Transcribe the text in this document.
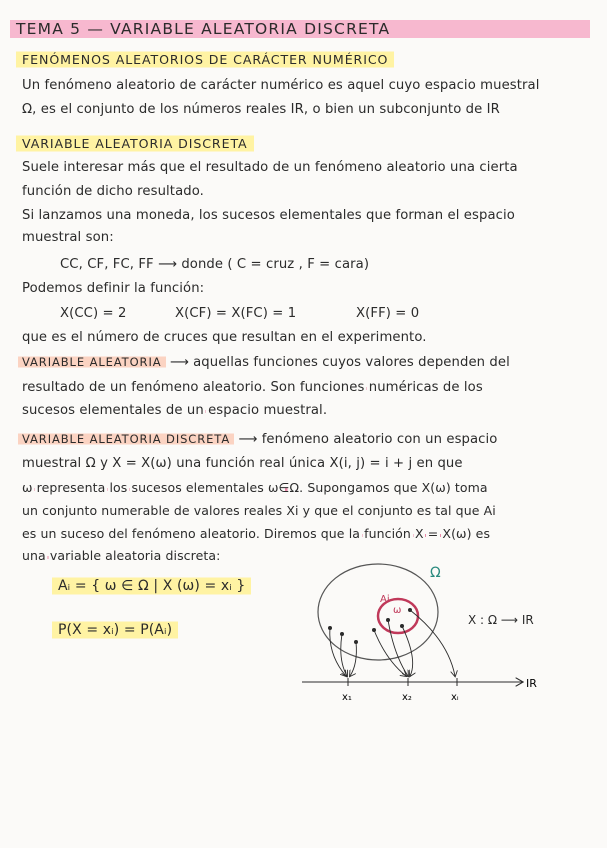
TEMA 5 — VARIABLE ALEATORIA DISCRETA
FENÓMENOS ALEATORIOS DE CARÁCTER NUMÉRICO
Un fenómeno aleatorio de carácter numérico es aquel cuyo espacio muestral
Ω, es el conjunto de los números reales IR, o bien un subconjunto de IR
VARIABLE ALEATORIA DISCRETA
Suele interesar más que el resultado de un fenómeno aleatorio una cierta
función de dicho resultado.
Si lanzamos una moneda, los sucesos elementales que forman el espacio
muestral son:
CC, CF, FC, FF ⟶ donde ( C = cruz , F = cara)
Podemos definir la función:
X(CC) = 2	X(CF) = X(FC) = 1	X(FF) = 0
que es el número de cruces que resultan en el experimento.
VARIABLE ALEATORIA ⟶ aquellas funciones cuyos valores dependen del
resultado de un fenómeno aleatorio. Son funciones numéricas de los
sucesos elementales de un espacio muestral.
VARIABLE ALEATORIA DISCRETA ⟶ fenómeno aleatorio con un espacio
muestral Ω y X = X(ω) una función real única X(i, j) = i + j en que
ω representa los sucesos elementales ω∈Ω. Supongamos que X(ω) toma
un conjunto numerable de valores reales Xi y que el conjunto es tal que Ai
es un suceso del fenómeno aleatorio. Diremos que la función X = X(ω) es
una variable aleatoria discreta:
Aᵢ = { ω ∈ Ω | X (ω) = xᵢ }
P(X = xᵢ) = P(Aᵢ)
Ω
Ai
ω
X : Ω ⟶ IR
x₁	x₂	xᵢ
IR
